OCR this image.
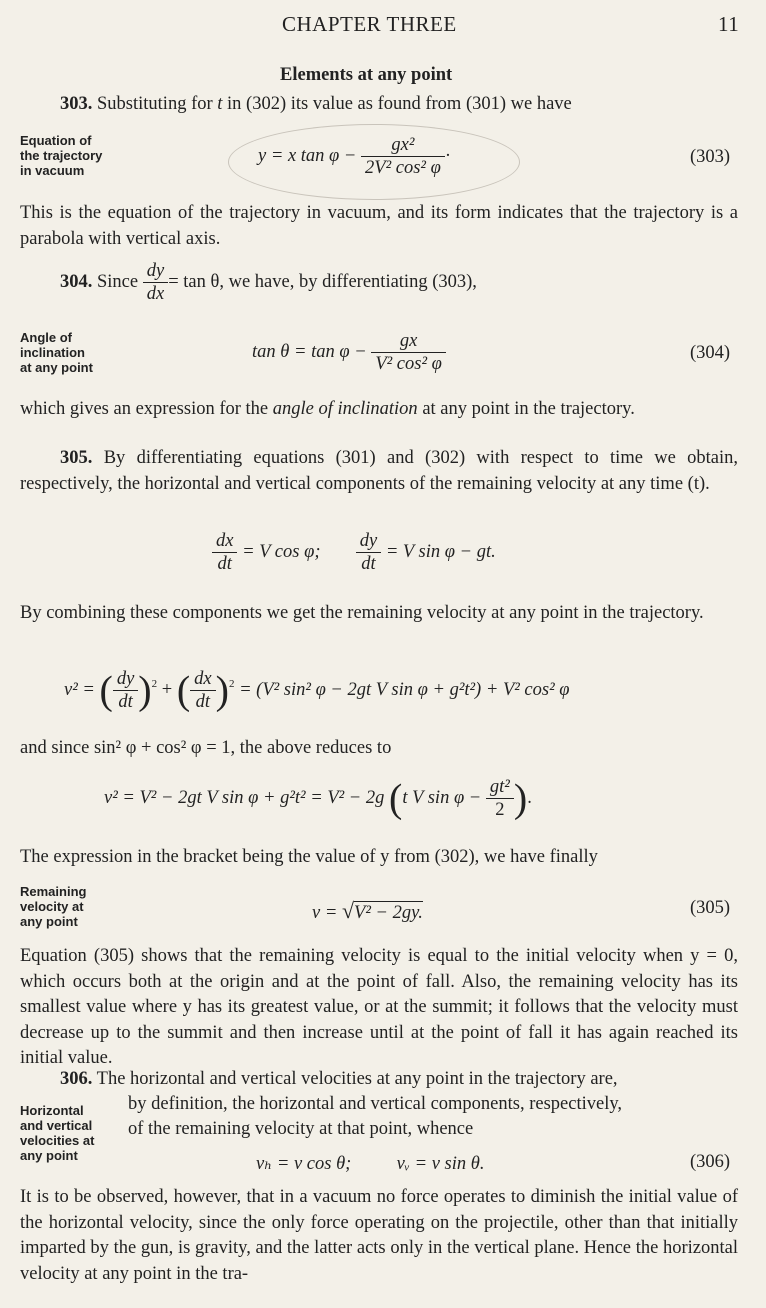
CHAPTER THREE	11
Elements at any point
303. Substituting for t in (302) its value as found from (301) we have
Equation of
the trajectory
in vacuum
y = x $\tan \varphi - \frac{\text{gx²}}{\text{2V² cos² φ}}$ ·	(303)
This is the equation of the trajectory in vacuum, and its form indicates that the trajectory is a parabola with vertical axis.
304. Since $\frac{dy}{dx} = \tan \theta$, we have, by differentiating (303),
Angle of
inclination
at any point
$\tan \theta = \tan \varphi - \frac{gx}{\text{V² cos² φ}}$	(304)
which gives an expression for the angle of inclination at any point in the trajectory.
305. By differentiating equations (301) and (302) with respect to time we obtain, respectively, the horizontal and vertical components of the remaining velocity at any time (t).
$\frac{dx}{dt} = V$ cos φ; $\frac{dy}{dt} = V$ sin φ − gt.
By combining these components we get the remaining velocity at any point in the trajectory.
v² = ( $\frac{dy}{dt} )^2$ + ( $\frac{dx}{dt} )^2 = (V^2$ sin² φ − 2gt V sin φ + g²t²) + V² cos² φ
and since sin² φ + cos² φ = 1, the above reduces to
v² = V² − 2gt V sin φ + g²t² = V² − 2g (t V $\sin \varphi - \frac{\text{gt²}}{2}$ ).
The expression in the bracket being the value of y from (302), we have finally
Remaining
velocity at
any point	v = √V² − 2gy.	(305)
Equation (305) shows that the remaining velocity is equal to the initial velocity when y = 0, which occurs both at the origin and at the point of fall. Also, the remaining velocity has its smallest value where y has its greatest value, or at the summit; it follows that the velocity must decrease up to the summit and then increase until at the point of fall it has again reached its initial value.
306. The horizontal and vertical velocities at any point in the trajectory are,
by definition, the horizontal and vertical components, respectively,
of the remaining velocity at that point, whence
Horizontal
and vertical
velocities at
any point	vₕ = v cos θ; vᵥ = v sin θ.	(306)
It is to be observed, however, that in a vacuum no force operates to diminish the initial value of the horizontal velocity, since the only force operating on the projectile, other than that initially imparted by the gun, is gravity, and the latter acts only in the vertical plane. Hence the horizontal velocity at any point in the tra-
